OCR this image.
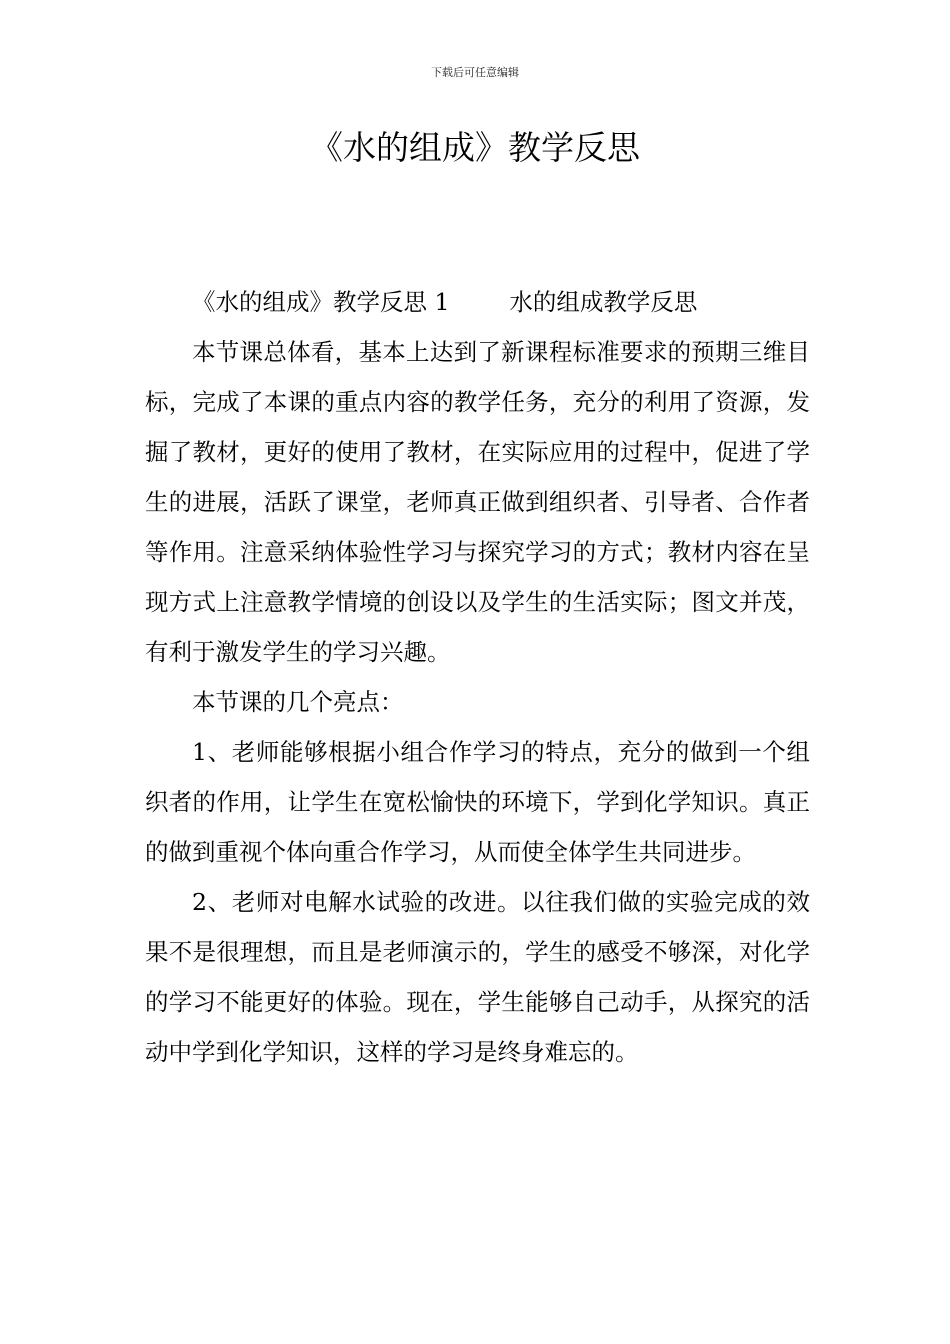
下载后可任意编辑
《水的组成》教学反思

《水的组成》教学反思 1	水的组成教学反思

本节课总体看，基本上达到了新课程标准要求的预期三维目标，完成了本课的重点内容的教学任务，充分的利用了资源，发掘了教材，更好的使用了教材，在实际应用的过程中，促进了学生的进展，活跃了课堂，老师真正做到组织者、引导者、合作者等作用。注意采纳体验性学习与探究学习的方式；教材内容在呈现方式上注意教学情境的创设以及学生的生活实际；图文并茂，有利于激发学生的学习兴趣。

本节课的几个亮点：

1、老师能够根据小组合作学习的特点，充分的做到一个组织者的作用，让学生在宽松愉快的环境下，学到化学知识。真正的做到重视个体向重合作学习，从而使全体学生共同进步。

2、老师对电解水试验的改进。以往我们做的实验完成的效果不是很理想，而且是老师演示的，学生的感受不够深，对化学的学习不能更好的体验。现在，学生能够自己动手，从探究的活动中学到化学知识，这样的学习是终身难忘的。
